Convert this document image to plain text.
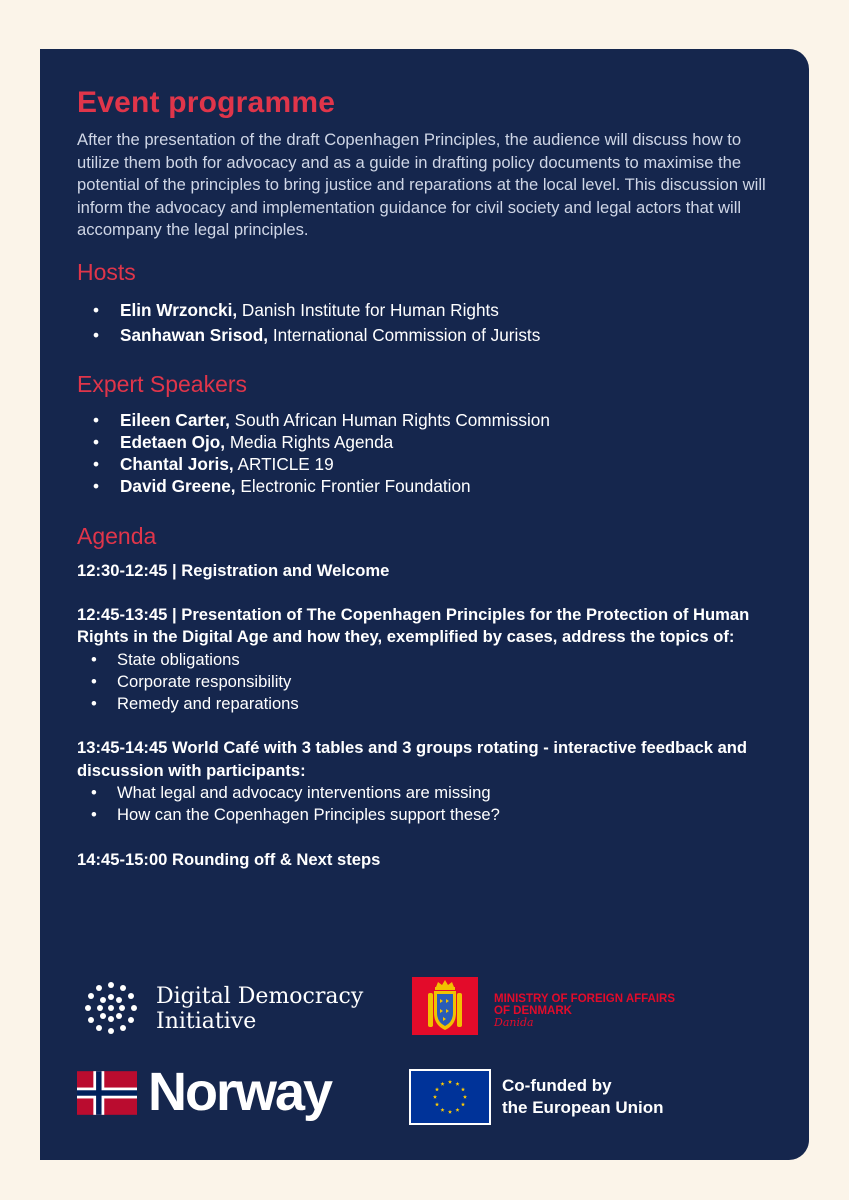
Event programme

After the presentation of the draft Copenhagen Principles, the audience will discuss how to utilize them both for advocacy and as a guide in drafting policy documents to maximise the potential of the principles to bring justice and reparations at the local level. This discussion will inform the advocacy and implementation guidance for civil society and legal actors that will accompany the legal principles.

Hosts
• Elin Wrzoncki, Danish Institute for Human Rights
• Sanhawan Srisod, International Commission of Jurists
Expert Speakers
• Eileen Carter, South African Human Rights Commission
• Edetaen Ojo, Media Rights Agenda
• Chantal Joris, ARTICLE 19
• David Greene, Electronic Frontier Foundation
Agenda
12:30-12:45 | Registration and Welcome
12:45-13:45 | Presentation of The Copenhagen Principles for the Protection of Human Rights in the Digital Age and how they, exemplified by cases, address the topics of:
• State obligations
• Corporate responsibility
• Remedy and reparations
13:45-14:45 World Café with 3 tables and 3 groups rotating - interactive feedback and discussion with participants:
• What legal and advocacy interventions are missing
• How can the Copenhagen Principles support these?
14:45-15:00 Rounding off & Next steps
Digital Democracy
Initiative
MINISTRY OF FOREIGN AFFAIRS
OF DENMARK
Danida
Norway	Co-funded by
the European Union
